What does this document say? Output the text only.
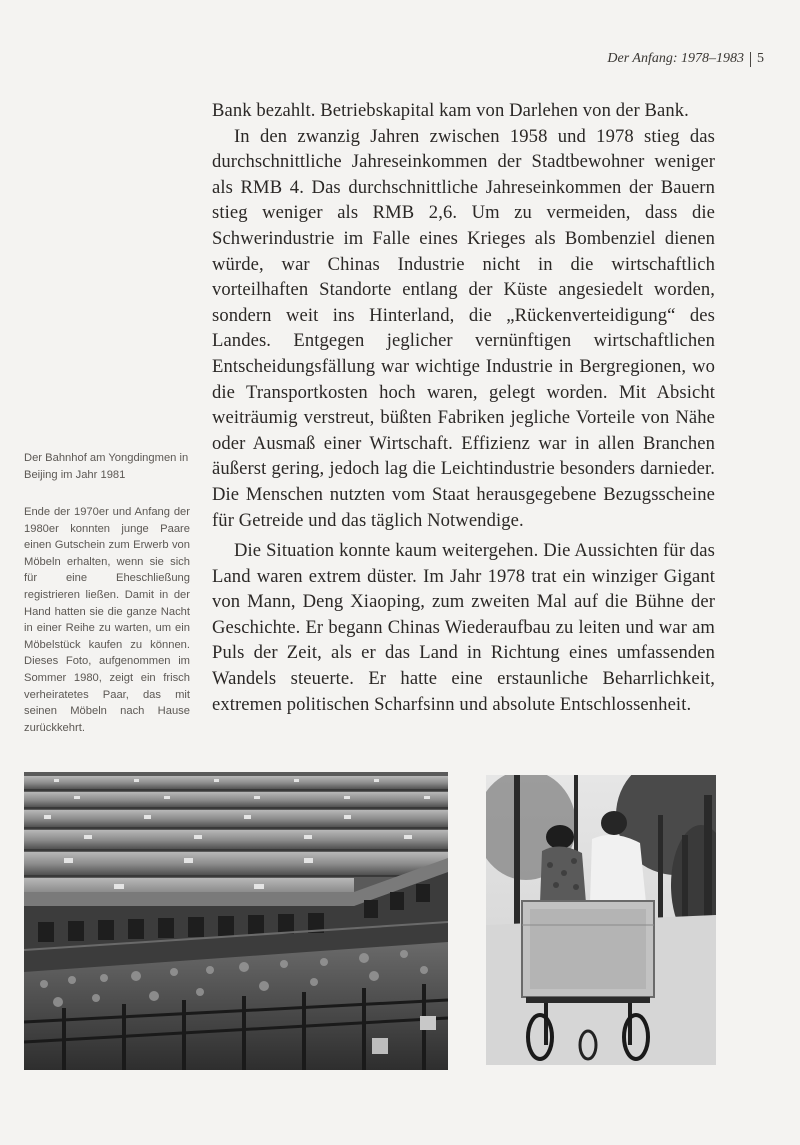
Der Anfang: 1978–1983 5

Bank bezahlt. Betriebskapital kam von Darlehen von der Bank.

In den zwanzig Jahren zwischen 1958 und 1978 stieg das durchschnittliche Jahreseinkommen der Stadtbewohner weniger als RMB 4. Das durchschnittliche Jahreseinkommen der Bauern stieg weniger als RMB 2,6. Um zu vermeiden, dass die Schwerindustrie im Falle eines Krieges als Bombenziel dienen würde, war Chinas Industrie nicht in die wirtschaftlich vorteilhaften Standorte entlang der Küste angesiedelt worden, sondern weit ins Hinterland, die „Rückenverteidigung“ des Landes. Entgegen jeglicher vernünftigen wirtschaftlichen Entscheidungsfällung war wichtige Industrie in Bergregionen, wo die Transportkosten hoch waren, gelegt worden. Mit Absicht weiträumig verstreut, büßten Fabriken jegliche Vorteile von Nähe oder Ausmaß einer Wirtschaft. Effizienz war in allen Branchen äußerst gering, jedoch lag die Leichtindustrie besonders darnieder. Die Menschen nutzten vom Staat herausgegebene Bezugsscheine für Getreide und das täglich Notwendige.

Die Situation konnte kaum weitergehen. Die Aussichten für das Land waren extrem düster. Im Jahr 1978 trat ein winziger Gigant von Mann, Deng Xiaoping, zum zweiten Mal auf die Bühne der Geschichte. Er begann Chinas Wiederaufbau zu leiten und war am Puls der Zeit, als er das Land in Richtung eines umfassenden Wandels steuerte. Er hatte eine erstaunliche Beharrlichkeit, extremen politischen Scharfsinn und absolute Entschlossenheit.

Der Bahnhof am Yongdingmen in Beijing im Jahr 1981
Ende der 1970er und Anfang der 1980er konnten junge Paare einen Gutschein zum Erwerb von Möbeln erhalten, wenn sie sich für eine Eheschließung registrieren ließen. Damit in der Hand hatten sie die ganze Nacht in einer Reihe zu warten, um ein Möbelstück kaufen zu können. Dieses Foto, aufgenommen im Sommer 1980, zeigt ein frisch verheiratetes Paar, das mit seinen Möbeln nach Hause zurückkehrt.
